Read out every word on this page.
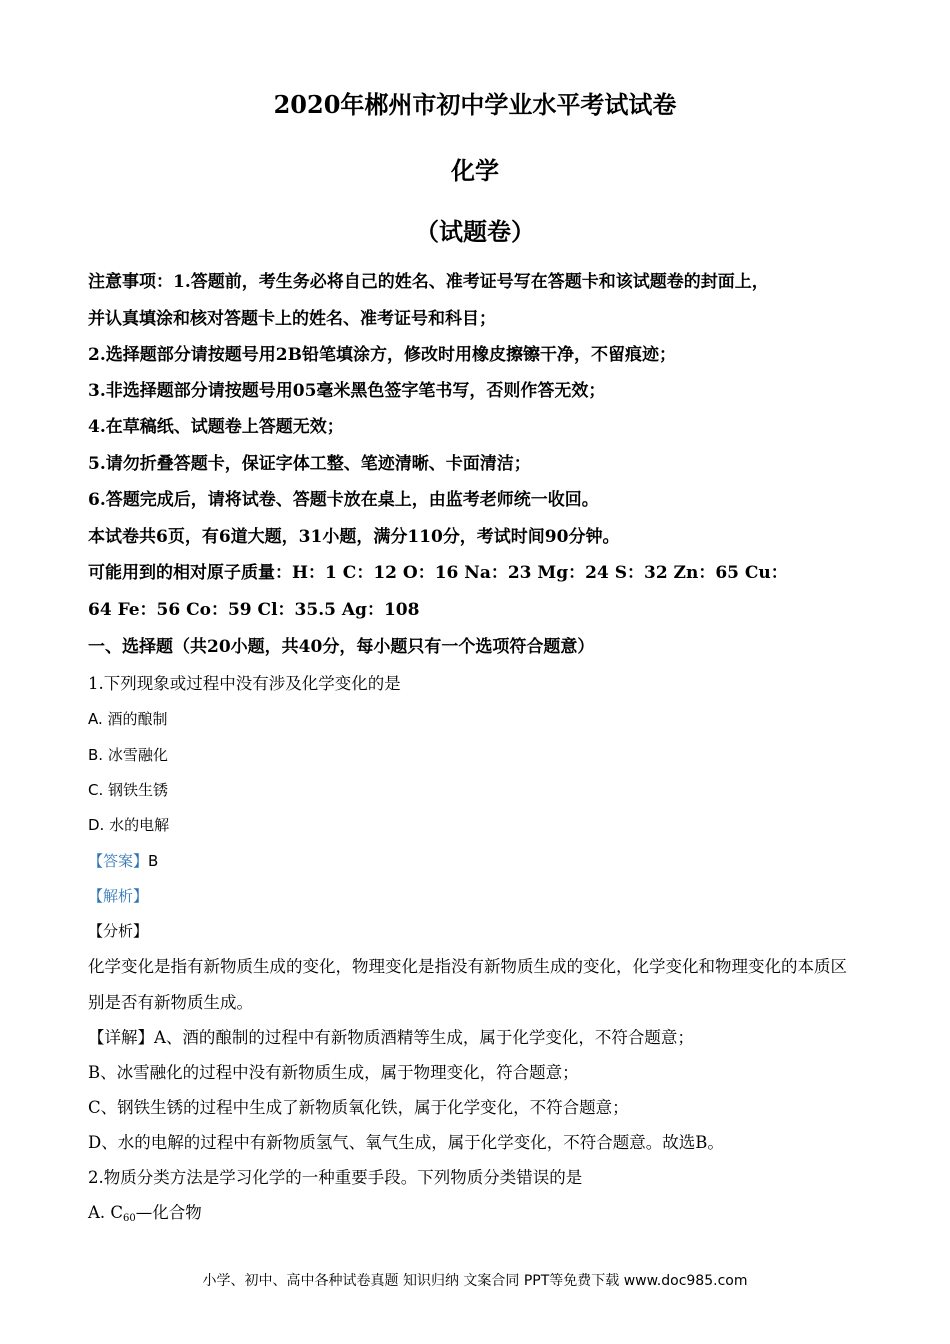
2020年郴州市初中学业水平考试试卷
化学
（试题卷）
注意事项：1.答题前，考生务必将自己的姓名、准考证号写在答题卡和该试题卷的封面上，
并认真填涂和核对答题卡上的姓名、准考证号和科目；
2.选择题部分请按题号用2B铅笔填涂方，修改时用橡皮擦镲干净，不留痕迹；
3.非选择题部分请按题号用05毫米黑色签字笔书写，否则作答无效；
4.在草稿纸、试题卷上答题无效；
5.请勿折叠答题卡，保证字体工整、笔迹清晰、卡面清洁；
6.答题完成后，请将试卷、答题卡放在桌上，由监考老师统一收回。
本试卷共6页，有6道大题，31小题，满分110分，考试时间90分钟。
可能用到的相对原子质量：H：1 C：12 O：16 Na：23 Mg：24 S：32 Zn：65 Cu：
64 Fe：56 Co：59 Cl：35.5 Ag：108
一、选择题（共20小题，共40分，每小题只有一个选项符合题意）
1.下列现象或过程中没有涉及化学变化的是
A. 酒的酿制
B. 冰雪融化
C. 钢铁生锈
D. 水的电解
【答案】B
【解析】
【分析】
化学变化是指有新物质生成的变化，物理变化是指没有新物质生成的变化，化学变化和物理变化的本质区
别是否有新物质生成。
【详解】A、酒的酿制的过程中有新物质酒精等生成，属于化学变化，不符合题意；
B、冰雪融化的过程中没有新物质生成，属于物理变化，符合题意；
C、钢铁生锈的过程中生成了新物质氧化铁，属于化学变化，不符合题意；
D、水的电解的过程中有新物质氢气、氧气生成，属于化学变化，不符合题意。故选B。
2.物质分类方法是学习化学的一种重要手段。下列物质分类错误的是
A. $C_{60}—$化合物
小学、初中、高中各种试卷真题 知识归纳 文案合同 PPT等免费下载 www.doc985.com
